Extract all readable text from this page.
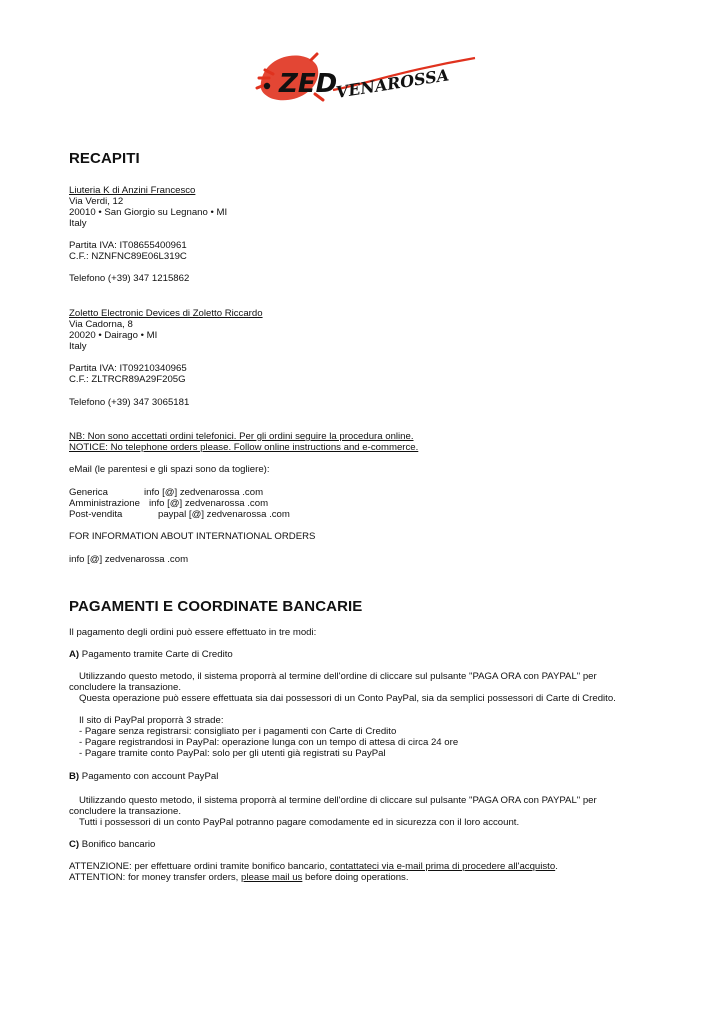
ZED
VENAROSSA
RECAPITI
Liuteria K di Anzini Francesco
Via Verdi, 12
20010 • San Giorgio su Legnano • MI
Italy
Partita IVA: IT08655400961
C.F.: NZNFNC89E06L319C
Telefono (+39) 347 1215862
Zoletto Electronic Devices di Zoletto Riccardo
Via Cadorna, 8
20020 • Dairago • MI
Italy
Partita IVA: IT09210340965
C.F.: ZLTRCR89A29F205G
Telefono (+39) 347 3065181
NB: Non sono accettati ordini telefonici. Per gli ordini seguire la procedura online.
NOTICE: No telephone orders please. Follow online instructions and e-commerce.
eMail (le parentesi e gli spazi sono da togliere):
Generica	info [@] zedvenarossa .com
Amministrazione info [@] zedvenarossa .com
Post-vendita	paypal [@] zedvenarossa .com
FOR INFORMATION ABOUT INTERNATIONAL ORDERS
info [@] zedvenarossa .com
PAGAMENTI E COORDINATE BANCARIE
Il pagamento degli ordini può essere effettuato in tre modi:
A) Pagamento tramite Carte di Credito
Utilizzando questo metodo, il sistema proporrà al termine dell'ordine di cliccare sul pulsante "PAGA ORA con PAYPAL" per
concludere la transazione.
Questa operazione può essere effettuata sia dai possessori di un Conto PayPal, sia da semplici possessori di Carte di Credito.
Il sito di PayPal proporrà 3 strade:
- Pagare senza registrarsi: consigliato per i pagamenti con Carte di Credito
- Pagare registrandosi in PayPal: operazione lunga con un tempo di attesa di circa 24 ore
- Pagare tramite conto PayPal: solo per gli utenti già registrati su PayPal
B) Pagamento con account PayPal
Utilizzando questo metodo, il sistema proporrà al termine dell'ordine di cliccare sul pulsante "PAGA ORA con PAYPAL" per
concludere la transazione.
Tutti i possessori di un conto PayPal potranno pagare comodamente ed in sicurezza con il loro account.
C) Bonifico bancario
ATTENZIONE: per effettuare ordini tramite bonifico bancario, contattateci via e-mail prima di procedere all'acquisto.
ATTENTION: for money transfer orders, please mail us before doing operations.
